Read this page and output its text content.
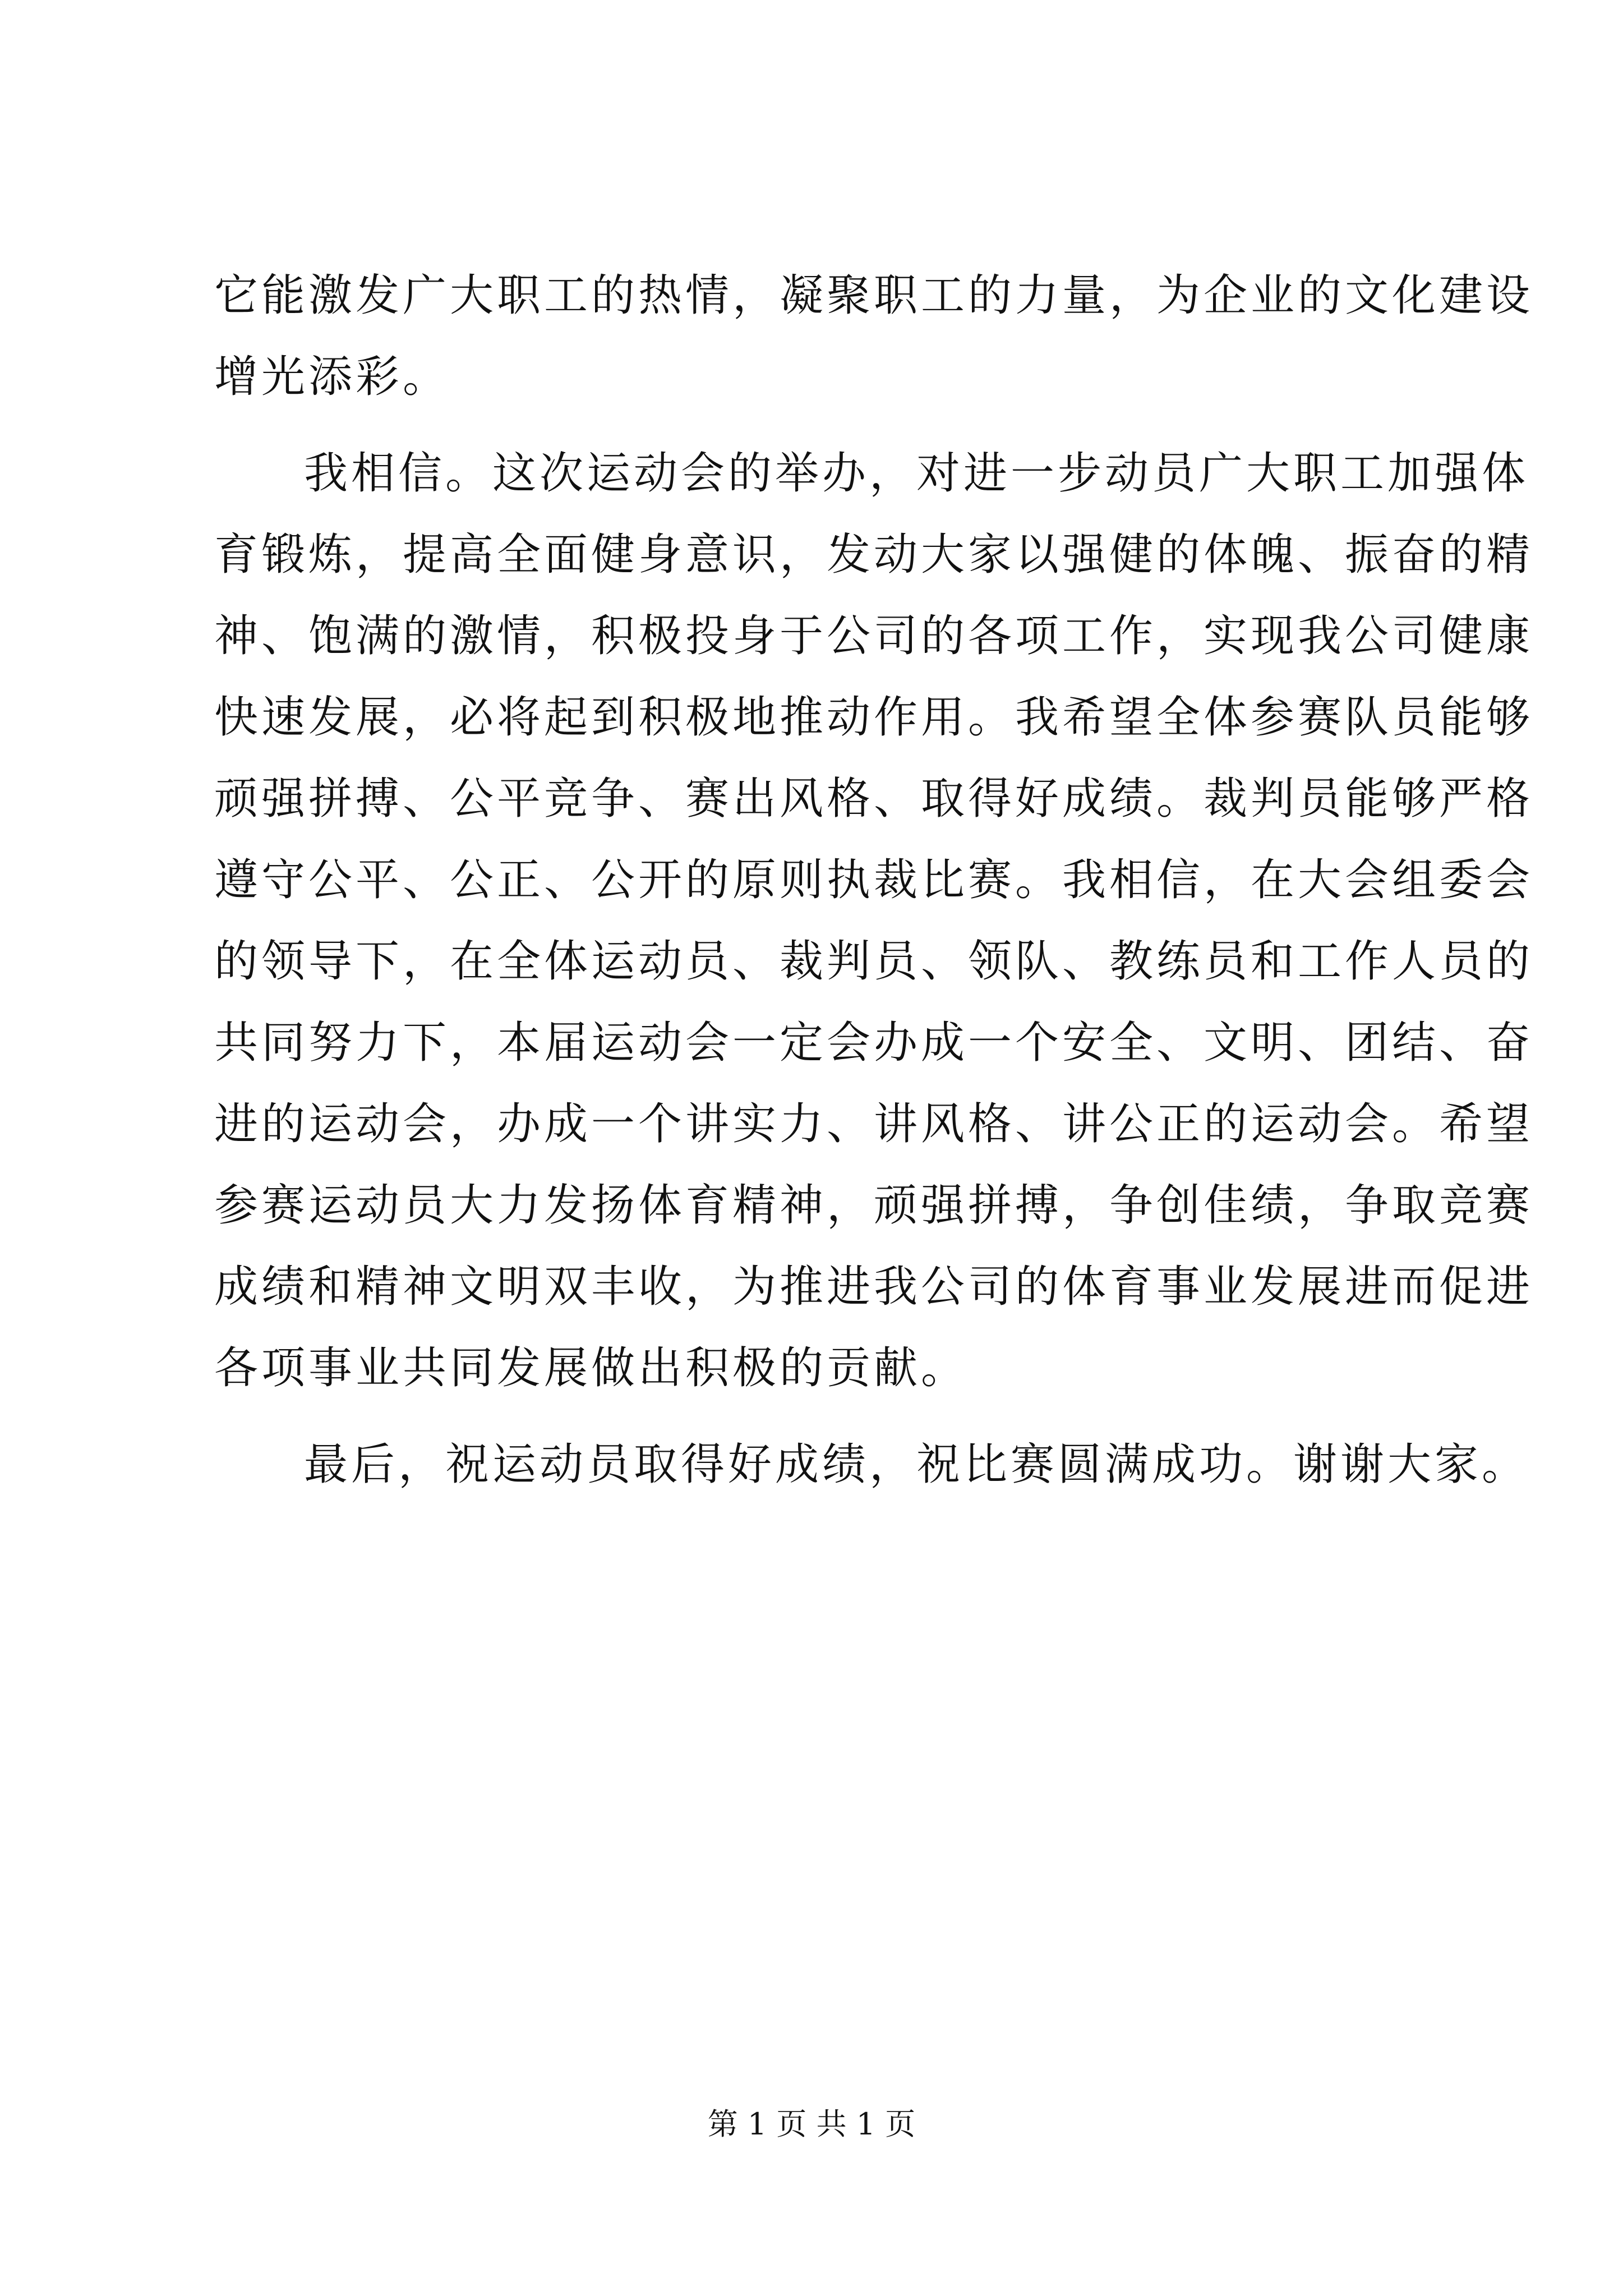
它能激发广大职工的热情，凝聚职工的力量，为企业的文化建设
增光添彩。
我相信。这次运动会的举办，对进一步动员广大职工加强体
育锻炼，提高全面健身意识，发动大家以强健的体魄、振奋的精
神、饱满的激情，积极投身于公司的各项工作，实现我公司健康
快速发展，必将起到积极地推动作用。我希望全体参赛队员能够
顽强拼搏、公平竞争、赛出风格、取得好成绩。裁判员能够严格
遵守公平、公正、公开的原则执裁比赛。我相信，在大会组委会
的领导下，在全体运动员、裁判员、领队、教练员和工作人员的
共同努力下，本届运动会一定会办成一个安全、文明、团结、奋
进的运动会，办成一个讲实力、讲风格、讲公正的运动会。希望
参赛运动员大力发扬体育精神，顽强拼搏，争创佳绩，争取竞赛
成绩和精神文明双丰收，为推进我公司的体育事业发展进而促进
各项事业共同发展做出积极的贡献。
最后，祝运动员取得好成绩，祝比赛圆满成功。谢谢大家。
第 1 页 共 1 页
